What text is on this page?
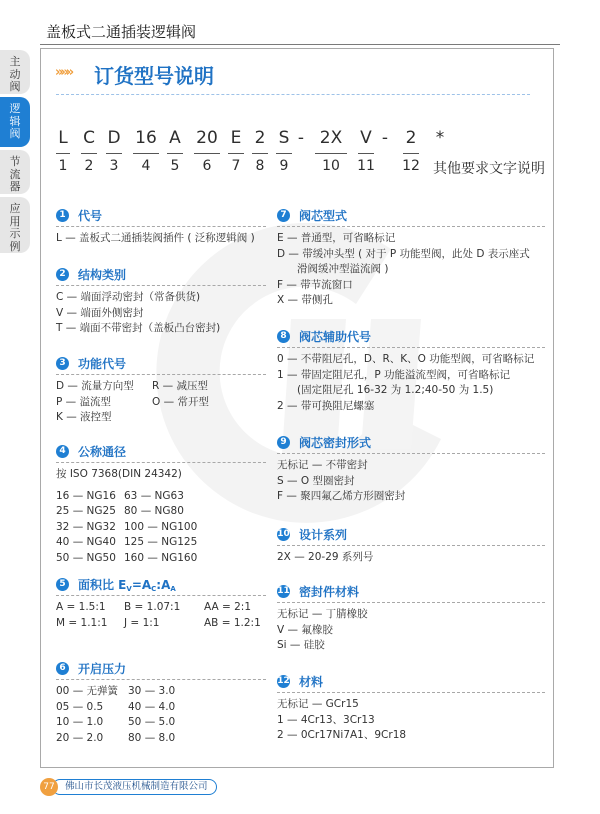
盖板式二通插装逻辑阀
主动阀
逻辑阀
节流器
应用示例
»»» 订货型号说明
L C D 16 A 20 E 2 S - 2X V - 2 *
1 2 3 4 5 6 7 8 9 10 11 12 其他要求文字说明
1 代号
L — 盖板式二通插装阀插件 ( 泛称逻辑阀 )
2 结构类别
C — 端面浮动密封（常备供货)
V — 端面外侧密封
T — 端面不带密封（盖板凸台密封)
3 功能代号
D — 流量方向型	R — 减压型
P — 溢流型	O — 常开型
K — 液控型
4 公称通径
按 ISO 7368(DIN 24342)
16 — NG16 63 — NG63
25 — NG25 80 — NG80
32 — NG32 100 — NG100
40 — NG40 125 — NG125
50 — NG50 160 — NG160
5 面积比 $E_V=A_C:A_A$
A = 1.5:1	B = 1.07:1	AA = 2:1
M = 1.1:1	J = 1:1	AB = 1.2:1
6 开启压力
00 — 无弹簧 30 — 3.0
05 — 0.5	40 — 4.0
10 — 1.0	50 — 5.0
20 — 2.0	80 — 8.0
7 阀芯型式
E — 普通型，可省略标记
D — 带缓冲头型 ( 对于 P 功能型阀，此处 D 表示座式
滑阀缓冲型溢流阀 )
F — 带节流窗口
X — 带侧孔
8 阀芯辅助代号
0 — 不带阻尼孔，D、R、K、O 功能型阀，可省略标记
1 — 带固定阻尼孔，P 功能溢流型阀，可省略标记
(固定阻尼孔 16-32 为 1.2;40-50 为 1.5)
2 — 带可换阻尼螺塞
9 阀芯密封形式
无标记 — 不带密封
S — O 型圈密封
F — 聚四氟乙烯方形圈密封
10 设计系列
2X — 20-29 系列号
11 密封件材料
无标记 — 丁腈橡胶
V — 氟橡胶
Si — 硅胶
12 材料
无标记 — GCr15
1 — 4Cr13、3Cr13
2 — 0Cr17Ni7A1、9Cr18
77	佛山市长茂液压机械制造有限公司
